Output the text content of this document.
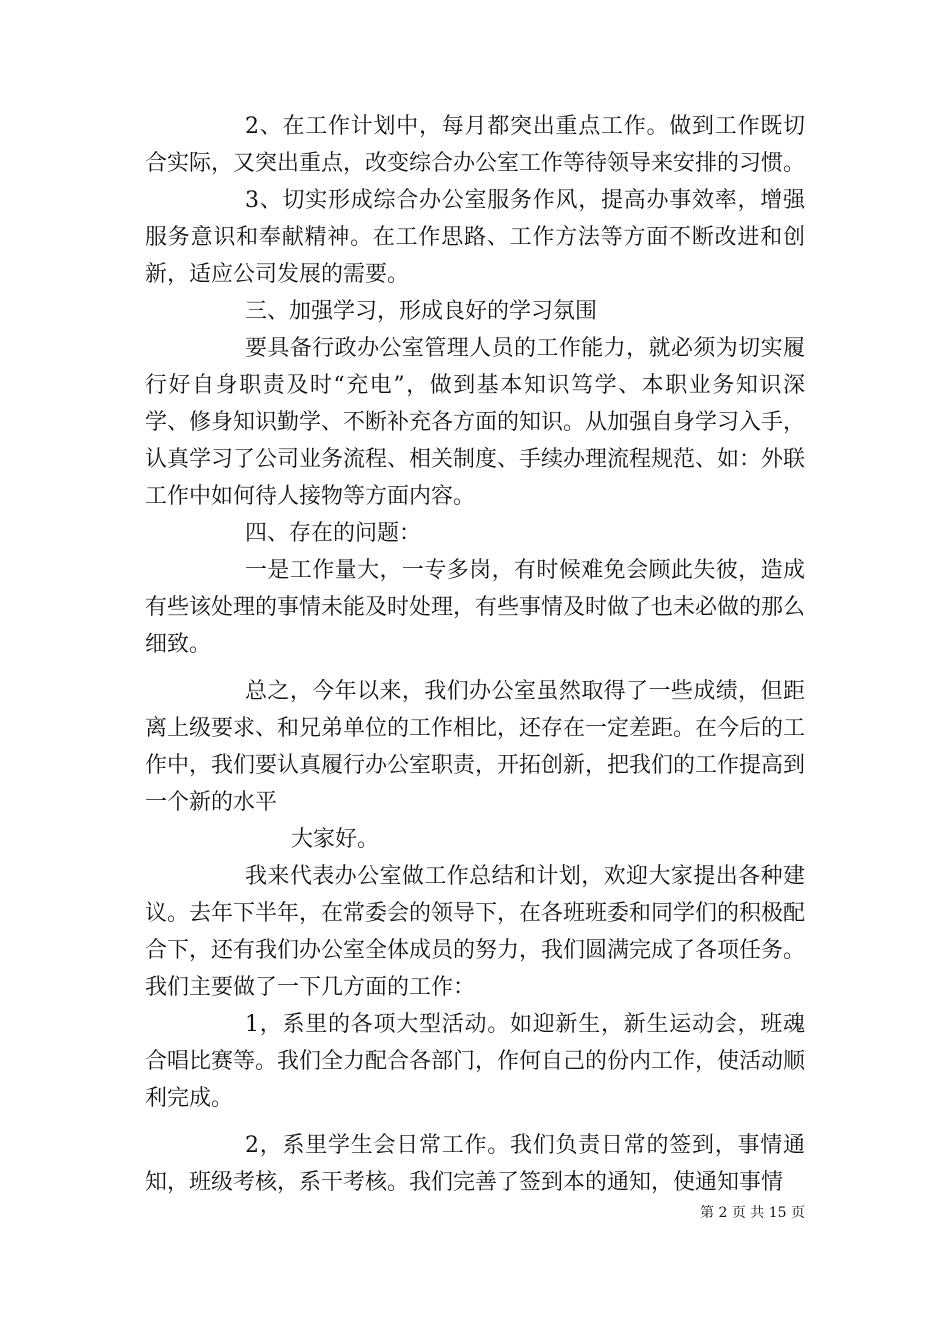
2、在工作计划中，每月都突出重点工作。做到工作既切合实际，又突出重点，改变综合办公室工作等待领导来安排的习惯。

3、切实形成综合办公室服务作风，提高办事效率，增强服务意识和奉献精神。在工作思路、工作方法等方面不断改进和创新，适应公司发展的需要。

三、加强学习，形成良好的学习氛围

要具备行政办公室管理人员的工作能力，就必须为切实履行好自身职责及时“充电”，做到基本知识笃学、本职业务知识深学、修身知识勤学、不断补充各方面的知识。从加强自身学习入手，认真学习了公司业务流程、相关制度、手续办理流程规范、如：外联工作中如何待人接物等方面内容。

四、存在的问题：

一是工作量大，一专多岗，有时候难免会顾此失彼，造成有些该处理的事情未能及时处理，有些事情及时做了也未必做的那么细致。

总之，今年以来，我们办公室虽然取得了一些成绩，但距离上级要求、和兄弟单位的工作相比，还存在一定差距。在今后的工作中，我们要认真履行办公室职责，开拓创新，把我们的工作提高到一个新的水平

大家好。

我来代表办公室做工作总结和计划，欢迎大家提出各种建议。去年下半年，在常委会的领导下，在各班班委和同学们的积极配合下，还有我们办公室全体成员的努力，我们圆满完成了各项任务。我们主要做了一下几方面的工作：

1，系里的各项大型活动。如迎新生，新生运动会，班魂合唱比赛等。我们全力配合各部门，作何自己的份内工作，使活动顺利完成。

2，系里学生会日常工作。我们负责日常的签到，事情通知，班级考核，系干考核。我们完善了签到本的通知，使通知事情

第 2 页 共 15 页
